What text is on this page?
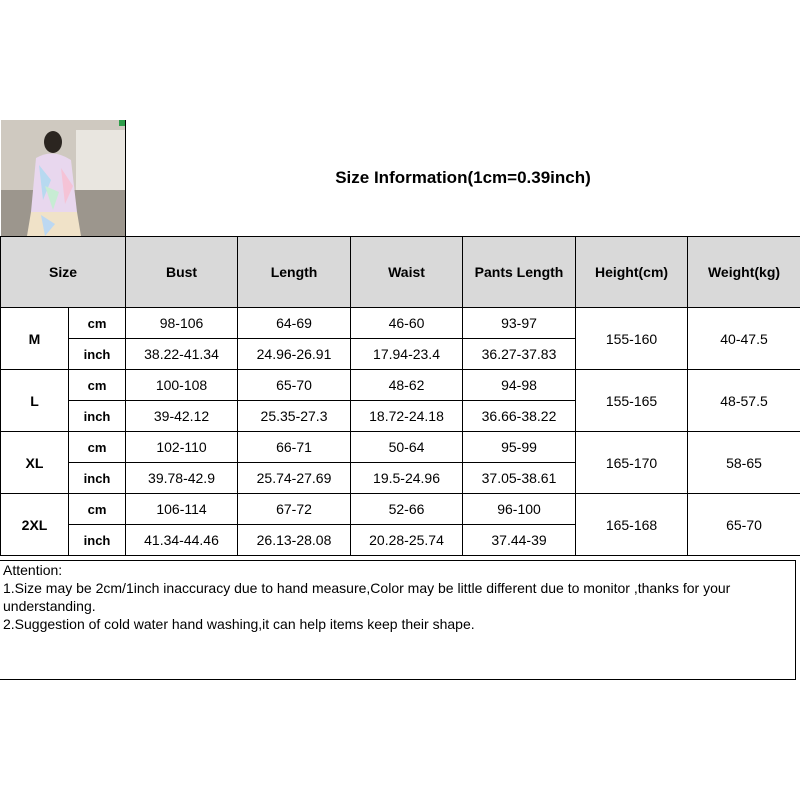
Size Information(1cm=0.39inch)
Size		Bust	Length	Waist	Pants Length	Height(cm)	Weight(kg)
M	cm	98-106	64-69	46-60	93-97	155-160	40-47.5
	inch	38.22-41.34	24.96-26.91	17.94-23.4	36.27-37.83		
L	cm	100-108	65-70	48-62	94-98	155-165	48-57.5
	inch	39-42.12	25.35-27.3	18.72-24.18	36.66-38.22		
XL	cm	102-110	66-71	50-64	95-99	165-170	58-65
	inch	39.78-42.9	25.74-27.69	19.5-24.96	37.05-38.61		
2XL	cm	106-114	67-72	52-66	96-100	165-168	65-70
	inch	41.34-44.46	26.13-28.08	20.28-25.74	37.44-39		
Attention:
1.Size may be 2cm/1inch inaccuracy due to hand measure,Color may be little different due to monitor ,thanks for your understanding.
2.Suggestion of cold water hand washing,it can help items keep their shape.
